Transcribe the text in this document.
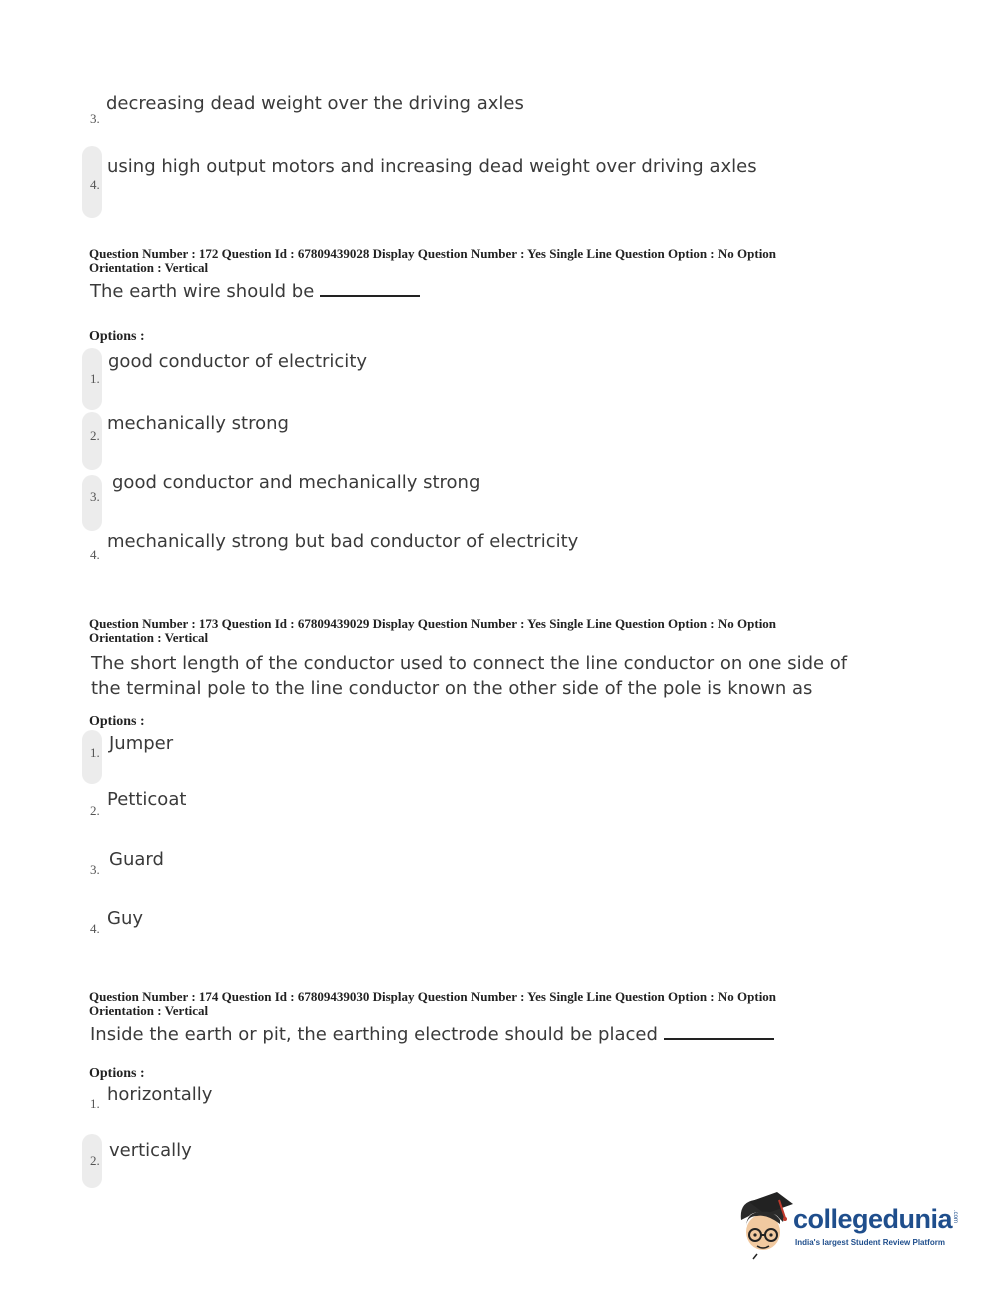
3.
decreasing dead weight over the driving axles
4.
using high output motors and increasing dead weight over driving axles
Question Number : 172 Question Id : 67809439028 Display Question Number : Yes Single Line Question Option : No Option
Orientation : Vertical
The earth wire should be
Options :
1.
good conductor of electricity
2.
mechanically strong
3.
good conductor and mechanically strong
4.
mechanically strong but bad conductor of electricity
Question Number : 173 Question Id : 67809439029 Display Question Number : Yes Single Line Question Option : No Option
Orientation : Vertical
The short length of the conductor used to connect the line conductor on one side of
the terminal pole to the line conductor on the other side of the pole is known as
Options :
1. Jumper
2.
Petticoat
3. Guard
4. Guy
Question Number : 174 Question Id : 67809439030 Display Question Number : Yes Single Line Question Option : No Option
Orientation : Vertical
Inside the earth or pit, the earthing electrode should be placed
Options :
1. horizontally
2. vertically
collegedunia .com
India's largest Student Review Platform
